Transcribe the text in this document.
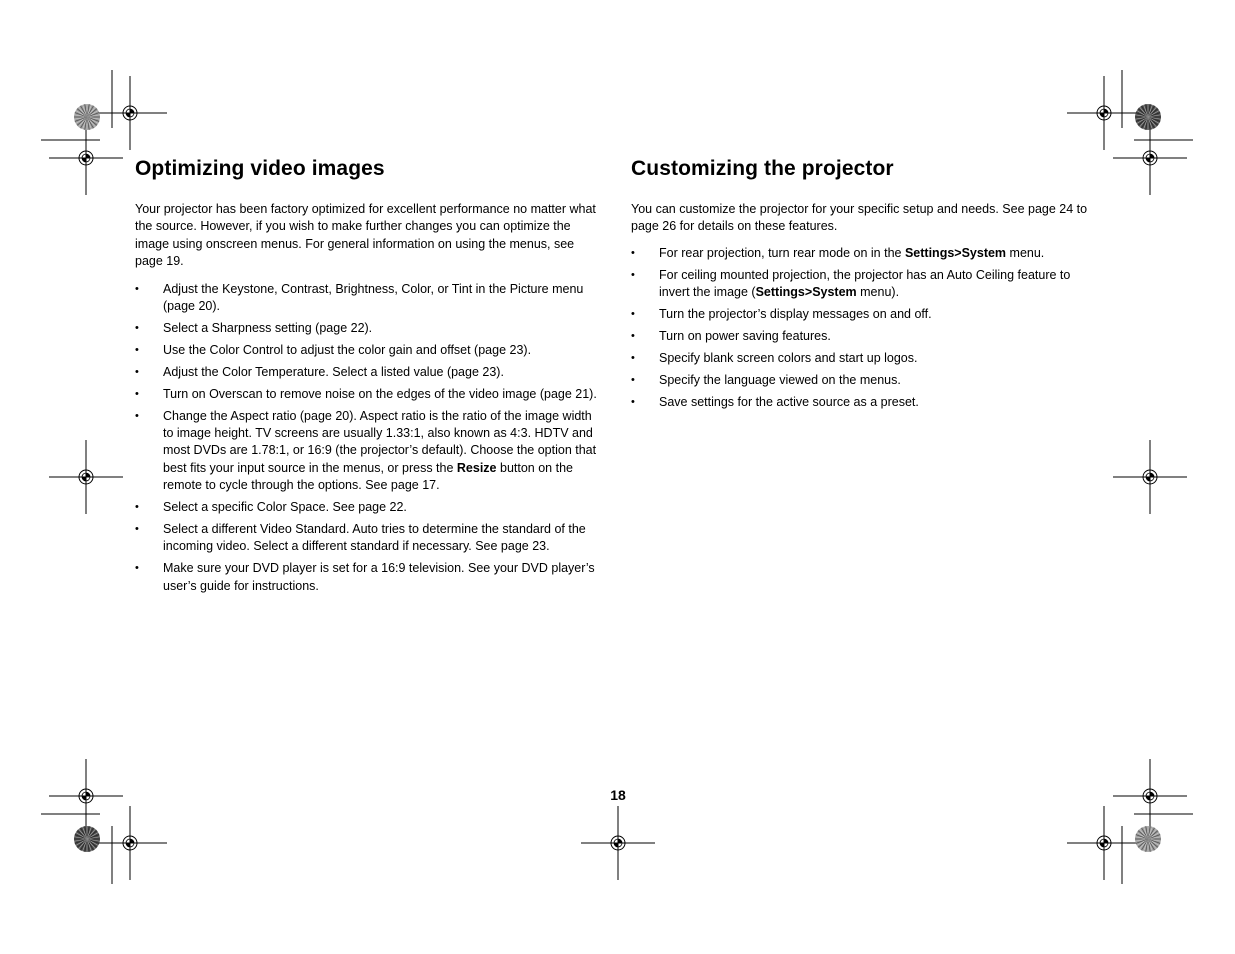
Optimizing video images

Your projector has been factory optimized for excellent performance no matter what the source. However, if you wish to make further changes you can optimize the image using onscreen menus. For general information on using the menus, see page 19.

• Adjust the Keystone, Contrast, Brightness, Color, or Tint in the Picture menu (page 20).
• Select a Sharpness setting (page 22).
• Use the Color Control to adjust the color gain and offset (page 23).
• Adjust the Color Temperature. Select a listed value (page 23).
• Turn on Overscan to remove noise on the edges of the video image (page 21).
• Change the Aspect ratio (page 20). Aspect ratio is the ratio of the image width to image height. TV screens are usually 1.33:1, also known as 4:3. HDTV and most DVDs are 1.78:1, or 16:9 (the projector’s default). Choose the option that best fits your input source in the menus, or press the Resize button on the remote to cycle through the options. See page 17.
• Select a specific Color Space. See page 22.
• Select a different Video Standard. Auto tries to determine the standard of the incoming video. Select a different standard if necessary. See page 23.
• Make sure your DVD player is set for a 16:9 television. See your DVD player’s user’s guide for instructions.
Customizing the projector

You can customize the projector for your specific setup and needs. See page 24 to page 26 for details on these features.

• For rear projection, turn rear mode on in the Settings>System menu.
• For ceiling mounted projection, the projector has an Auto Ceiling feature to invert the image (Settings>System menu).
• Turn the projector’s display messages on and off.
• Turn on power saving features.
• Specify blank screen colors and start up logos.
• Specify the language viewed on the menus.
• Save settings for the active source as a preset.
18
